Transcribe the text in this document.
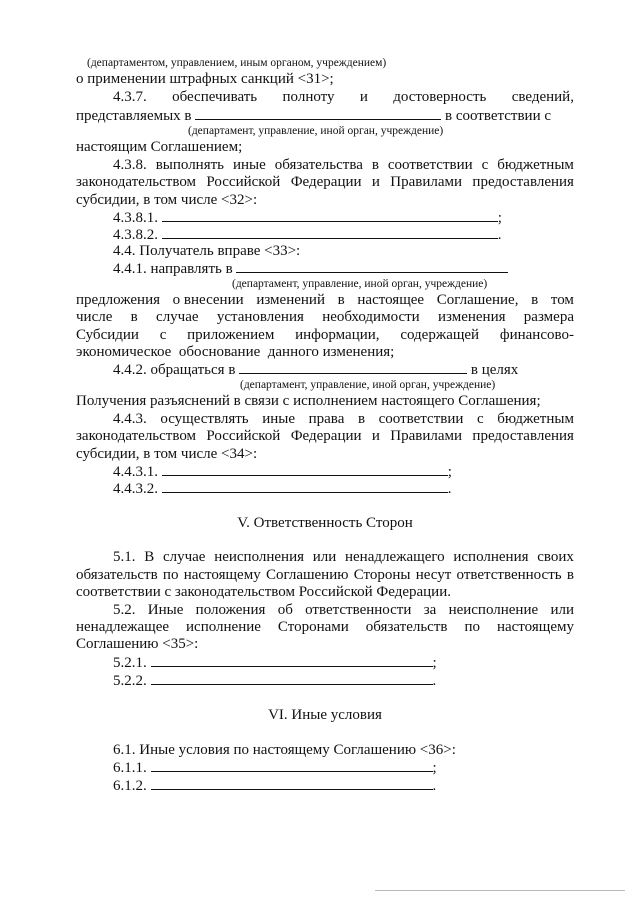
(департаментом, управлением, иным органом, учреждением)
о применении штрафных санкций <31>;
4.3.7. обеспечивать полноту и достоверность сведений,
представляемых в	в соответствии с
(департамент, управление, иной орган, учреждение)
настоящим Соглашением;
4.3.8. выполнять иные обязательства в соответствии с бюджетным
законодательством Российской Федерации и Правилами предоставления
субсидии, в том числе <32>:
4.3.8.1.	;
4.3.8.2.	.
4.4. Получатель вправе <33>:
4.4.1. направлять в
(департамент, управление, иной орган, учреждение)
предложения о внесении изменений в настоящее Соглашение, в том
числе в случае установления необходимости изменения размера
Субсидии с приложением информации, содержащей финансово-
экономическое  обоснование  данного изменения;
4.4.2. обращаться в	в целях
(департамент, управление, иной орган, учреждение)
Получения разъяснений в связи с исполнением настоящего Соглашения;
4.4.3. осуществлять иные права в соответствии с бюджетным
законодательством Российской Федерации и Правилами предоставления
субсидии, в том числе <34>:
4.4.3.1.	;
4.4.3.2.	.
V. Ответственность Сторон
5.1. В случае неисполнения или ненадлежащего исполнения своих
обязательств по настоящему Соглашению Стороны несут ответственность в
соответствии с законодательством Российской Федерации.
5.2. Иные положения об ответственности за неисполнение или
ненадлежащее исполнение Сторонами обязательств по настоящему
Соглашению <35>:
5.2.1.	;
5.2.2.	.
VI. Иные условия
6.1. Иные условия по настоящему Соглашению <36>:
6.1.1.	;
6.1.2.	.
